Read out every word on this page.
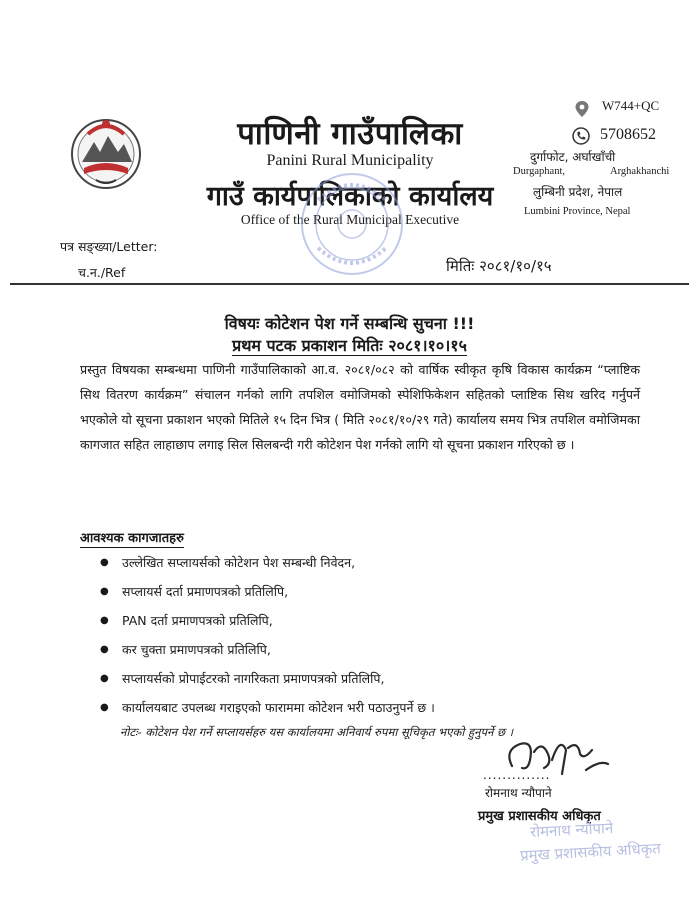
पाणिनी गाउँपालिका
Panini Rural Municipality
गाउँ कार्यपालिकाको कार्यालय
Office of the Rural Municipal Executive
W744+QC
5708652
दुर्गाफोट, अर्घाखाँची
Durgaphant,	Arghakhanchi
लुम्बिनी प्रदेश, नेपाल
Lumbini Province, Nepal
पत्र सङ्ख्या/Letter:
च.न./Ref	मितिः २०८१/१०/१५
विषयः कोटेशन पेश गर्ने सम्बन्धि सुचना !!!
प्रथम पटक प्रकाशन मितिः २०८१।१०।१५
प्रस्तुत विषयका सम्बन्धमा पाणिनी गाउँपालिकाको आ.व. २०८१/०८२ को वार्षिक स्वीकृत कृषि विकास कार्यक्रम “प्लाष्टिक सिथ वितरण कार्यक्रम” संचालन गर्नको लागि तपशिल वमोजिमको स्पेशिफिकेशन सहितको प्लाष्टिक सिथ खरिद गर्नुपर्ने भएकोले यो सूचना प्रकाशन भएको मितिले १५ दिन भित्र ( मिति २०८१/१०/२९ गते) कार्यालय समय भित्र तपशिल वमोजिमका कागजात सहित लाहाछाप लगाइ सिल सिलबन्दी गरी कोटेशन पेश गर्नको लागि यो सूचना प्रकाशन गरिएको छ ।
आवश्यक कागजातहरु
● उल्लेखित सप्लायर्सको कोटेशन पेश सम्बन्धी निवेदन,
● सप्लायर्स दर्ता प्रमाणपत्रको प्रतिलिपि,
● PAN दर्ता प्रमाणपत्रको प्रतिलिपि,
● कर चुक्ता प्रमाणपत्रको प्रतिलिपि,
● सप्लायर्सको प्रोपाईटरको नागरिकता प्रमाणपत्रको प्रतिलिपि,
● कार्यालयबाट उपलब्ध गराइएको फाराममा कोटेशन भरी पठाउनुपर्ने छ ।
नोटः- कोटेशन पेश गर्ने सप्लायर्सहरु यस कार्यालयमा अनिवार्य रुपमा सूचिकृत भएको हुनुपर्ने छ ।
..............
रोमनाथ न्यौपाने
प्रमुख प्रशासकीय अधिकृत
रोमनाथ न्यौपाने
प्रमुख प्रशासकीय अधिकृत
